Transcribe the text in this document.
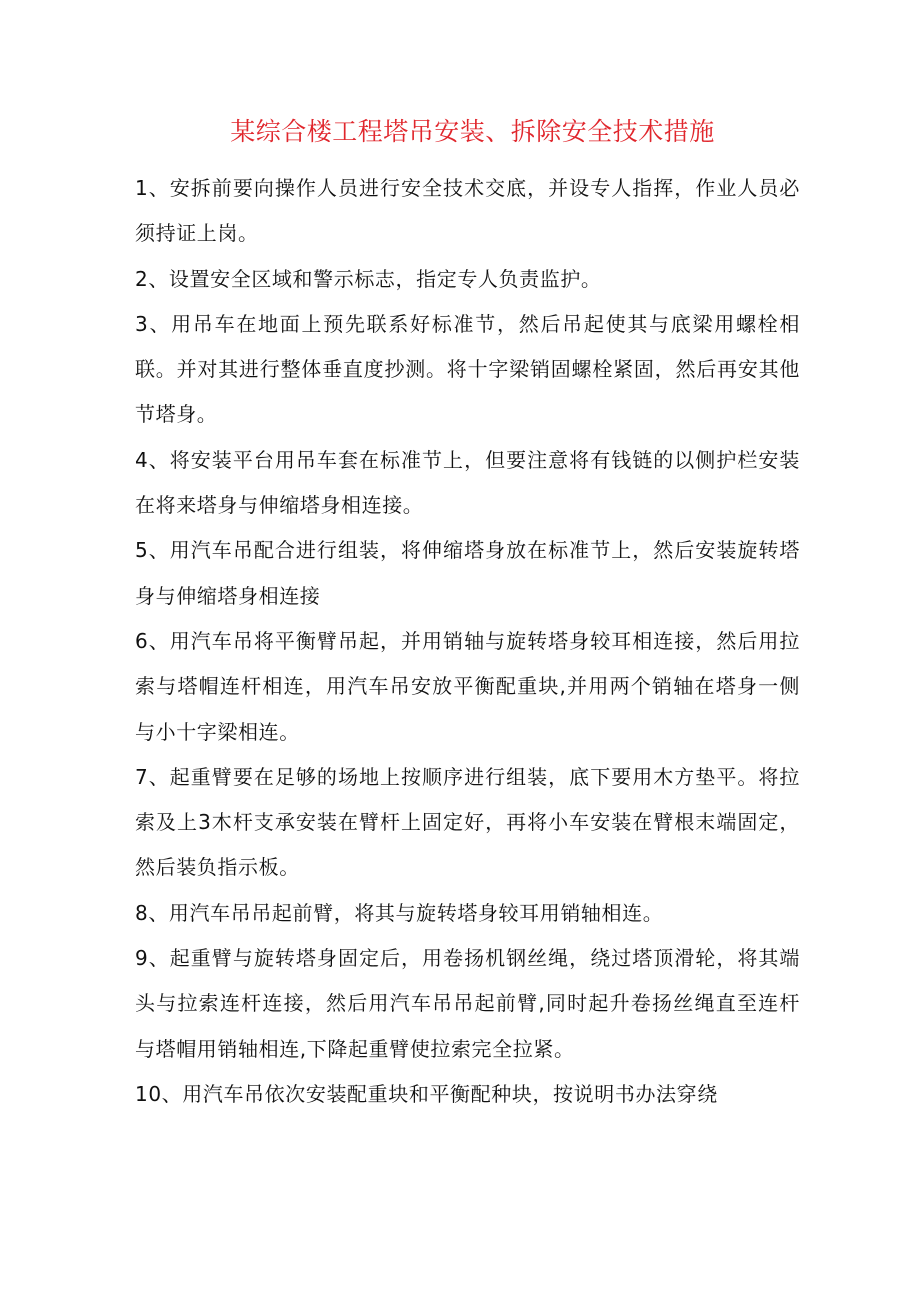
某综合楼工程塔吊安装、拆除安全技术措施
1、安拆前要向操作人员进行安全技术交底，并设专人指挥，作业人员必须持证上岗。
2、设置安全区域和警示标志，指定专人负责监护。
3、用吊车在地面上预先联系好标准节，然后吊起使其与底梁用螺栓相联。并对其进行整体垂直度抄测。将十字梁销固螺栓紧固，然后再安其他节塔身。
4、将安装平台用吊车套在标准节上，但要注意将有钱链的以侧护栏安装在将来塔身与伸缩塔身相连接。
5、用汽车吊配合进行组装，将伸缩塔身放在标准节上，然后安装旋转塔身与伸缩塔身相连接
6、用汽车吊将平衡臂吊起，并用销轴与旋转塔身较耳相连接，然后用拉索与塔帽连杆相连，用汽车吊安放平衡配重块,并用两个销轴在塔身一侧与小十字梁相连。
7、起重臂要在足够的场地上按顺序进行组装，底下要用木方垫平。将拉索及上3木杆支承安装在臂杆上固定好，再将小车安装在臂根末端固定，然后装负指示板。
8、用汽车吊吊起前臂，将其与旋转塔身较耳用销轴相连。
9、起重臂与旋转塔身固定后，用卷扬机钢丝绳，绕过塔顶滑轮，将其端头与拉索连杆连接，然后用汽车吊吊起前臂,同时起升卷扬丝绳直至连杆与塔帽用销轴相连,下降起重臂使拉索完全拉紧。
10、用汽车吊依次安装配重块和平衡配种块，按说明书办法穿绕
